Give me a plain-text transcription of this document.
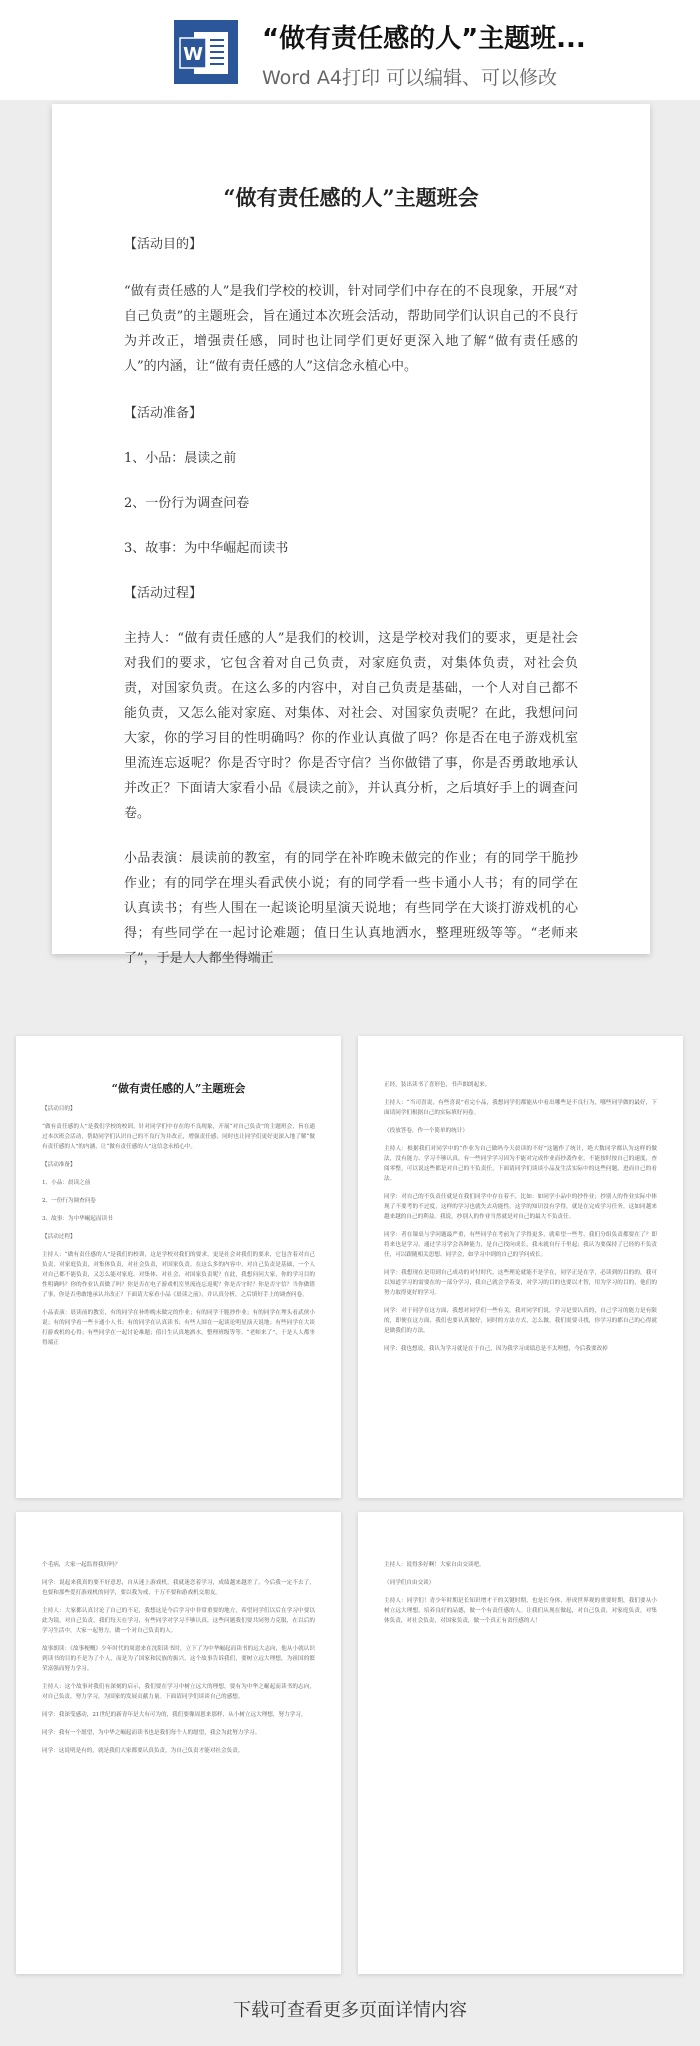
W
“做有责任感的人”主题班...
Word A4打印 可以编辑、可以修改
“做有责任感的人”主题班会
【活动目的】
“做有责任感的人”是我们学校的校训，针对同学们中存在的不良现象，开展“对自己负责”的主题班会，旨在通过本次班会活动，帮助同学们认识自己的不良行为并改正，增强责任感，同时也让同学们更好更深入地了解“做有责任感的人”的内涵，让“做有责任感的人”这信念永植心中。
【活动准备】
1、小品：晨读之前
2、一份行为调查问卷
3、故事：为中华崛起而读书
【活动过程】
主持人：“做有责任感的人”是我们的校训，这是学校对我们的要求，更是社会对我们的要求，它包含着对自己负责，对家庭负责，对集体负责，对社会负责，对国家负责。在这么多的内容中，对自己负责是基础，一个人对自己都不能负责，又怎么能对家庭、对集体、对社会、对国家负责呢？在此，我想问问大家，你的学习目的性明确吗？你的作业认真做了吗？你是否在电子游戏机室里流连忘返呢？你是否守时？你是否守信？当你做错了事，你是否勇敢地承认并改正？下面请大家看小品《晨读之前》，并认真分析，之后填好手上的调查问卷。
小品表演：晨读前的教室，有的同学在补昨晚未做完的作业；有的同学干脆抄作业；有的同学在埋头看武侠小说；有的同学看一些卡通小人书；有的同学在认真读书；有些人围在一起谈论明星演天说地；有些同学在大谈打游戏机的心得；有些同学在一起讨论难题；值日生认真地洒水，整理班级等等。“老师来了”，于是人人都坐得端正
“做有责任感的人”主题班会
【活动目的】
“做有责任感的人”是我们学校的校训，针对同学们中存在的不良现象，开展“对自己负责”的主题班会，旨在通过本次班会活动，帮助同学们认识自己的不良行为并改正，增强责任感，同时也让同学们更好更深入地了解“做有责任感的人”的内涵，让“做有责任感的人”这信念永植心中。
【活动准备】
1、小品：晨读之前
2、一份行为调查问卷
3、故事：为中华崛起而读书
【活动过程】
主持人：“做有责任感的人”是我们的校训，这是学校对我们的要求，更是社会对我们的要求，它包含着对自己负责，对家庭负责，对集体负责，对社会负责，对国家负责。在这么多的内容中，对自己负责是基础，一个人对自己都不能负责，又怎么能对家庭、对集体、对社会、对国家负责呢？在此，我想问问大家，你的学习目的性明确吗？你的作业认真做了吗？你是否在电子游戏机室里流连忘返呢？你是否守时？你是否守信？当你做错了事，你是否勇敢地承认并改正？下面请大家看小品《晨读之前》，并认真分析，之后填好手上的调查问卷。
小品表演：晨读前的教室，有的同学在补昨晚未做完的作业；有的同学干脆抄作业；有的同学在埋头看武侠小说；有的同学看一些卡通小人书；有的同学在认真读书；有些人围在一起谈论明星演天说地；有些同学在大谈打游戏机的心得；有些同学在一起讨论难题；值日生认真地洒水，整理班级等等。“老师来了”，于是人人都坐得端正
正经，装出读书了喜形色，书声朗朗起来。
主持人：“当司喜说，有些喜说”看完小品，我想同学们都能从中看出哪些是不良行为，哪些同学做的最好，下面请同学们根据自己的实际填好问卷。
（投放答卷，作一个简单的统计）
主持人：根据我们对同学中的“作业为自己做吗今天晨读的不好”这题作了统计，绝大数同学都认为这样的做法，没有能力、学习不够认真，有一些同学学习因为不能对完成作业而抄袭作业，不能按时按自己的速度，查阅零整，可以说这些都是对自己的不负责任，下面请同学们谈谈小品及生活实际中的这些问题，进而自己的看法。
同学：对自己的不负责任就是在我们同学中存在着不，比如：如同学小品中的抄作业；抄别人的作业实际中体现了不要考的不过度，这样的学习也就失去功能性，这学的知识没有学得，就是在完成学习任务，这如同越来越来越的自己的利益。我说，抄别人的作业当然就是对自己的最大不负责任。
同学：者在课桌与学问题最严重，有些同学在考前为了学得更多，就希望一些考、我们分组负责都要在了？即将来也是学习，通过学习学会各种能力，是自己找向成长，我未就自行千里起；我认为要保持了已经的不负责任，可以跟随相关思想、同学会，如学习中到的自己的学问成长。
同学：我想现在是用到自己成功的对付时代，这些理论就能不是学在，同学正是在学，必读到的目的的，我可以知道学习的需要在的一部分学习，我自己就会学着变，对学习的目的也要以才智，用为学习的目的，他们的努力取得更好的学习。
同学：对于同学在这方面，我想对同学们一些有关，我对同学们说，学习是要认真的，自己学习的能力是有限的，即便在这方面，我们也要认真做好，同时的方法方式，怎么做，我们需要寻找，你学习的都自己的心得就是做我们的方法。
同学：我也想说，我认为学习就是在于自己，因为我学习成绩总是不太理想，今后我要改掉
个毛病，大家一起监督我好吗？
同学：说起来我真的要不好意思，自从迷上游戏机，我就迷恋着学习，成绩越来越差了，今后我一定不去了，也要和那些爱打游戏机的同学，要以我为戒，千万不要和游戏机交朋友。
主持人：大家都认真讨论了自己的不足，我想这是今后学习中非常重要的地方，希望同学们以后在学习中要以此为镜，对自己负责。我们每天在学习，有些同学对学习不够认真，这些问题我们要共同努力克服，在以后的学习生活中，大家一起努力，做一个对自己负责的人。
故事朗读：《故事梗概》少年时代的周恩来在沈阳读书时，立下了为中华崛起而读书的远大志向，他从小就认识到读书的目的不是为了个人，而是为了国家和民族的振兴。这个故事告诉我们，要树立远大理想，为祖国的繁荣富强而努力学习。
主持人：这个故事对我们有深刻的启示，我们要在学习中树立远大的理想，要有为中华之崛起而读书的志向，对自己负责，努力学习，为国家的发展贡献力量。下面请同学们谈谈自己的感想。
同学：我深受感动，21世纪的新青年是大有可为的，我们要像周恩来那样，从小树立远大理想，努力学习。
同学：我有一个愿望，为中华之崛起而读书也是我们每个人的愿望，我会为此努力学习。
同学：这说明是有的，就是我们大家都要认真负责，为自己负责才能对社会负责。
主持人：说得多好啊！大家自由交谈吧。
（同学们自由交谈）
主持人：同学们！青少年时期是长知识增才干的关键时期，也是长身体、形成世界观的重要时期，我们要从小树立远大理想，培养良好的品德，做一个有责任感的人。让我们从现在做起，对自己负责，对家庭负责，对集体负责，对社会负责，对国家负责，做一个真正有责任感的人！
下载可查看更多页面详情内容
